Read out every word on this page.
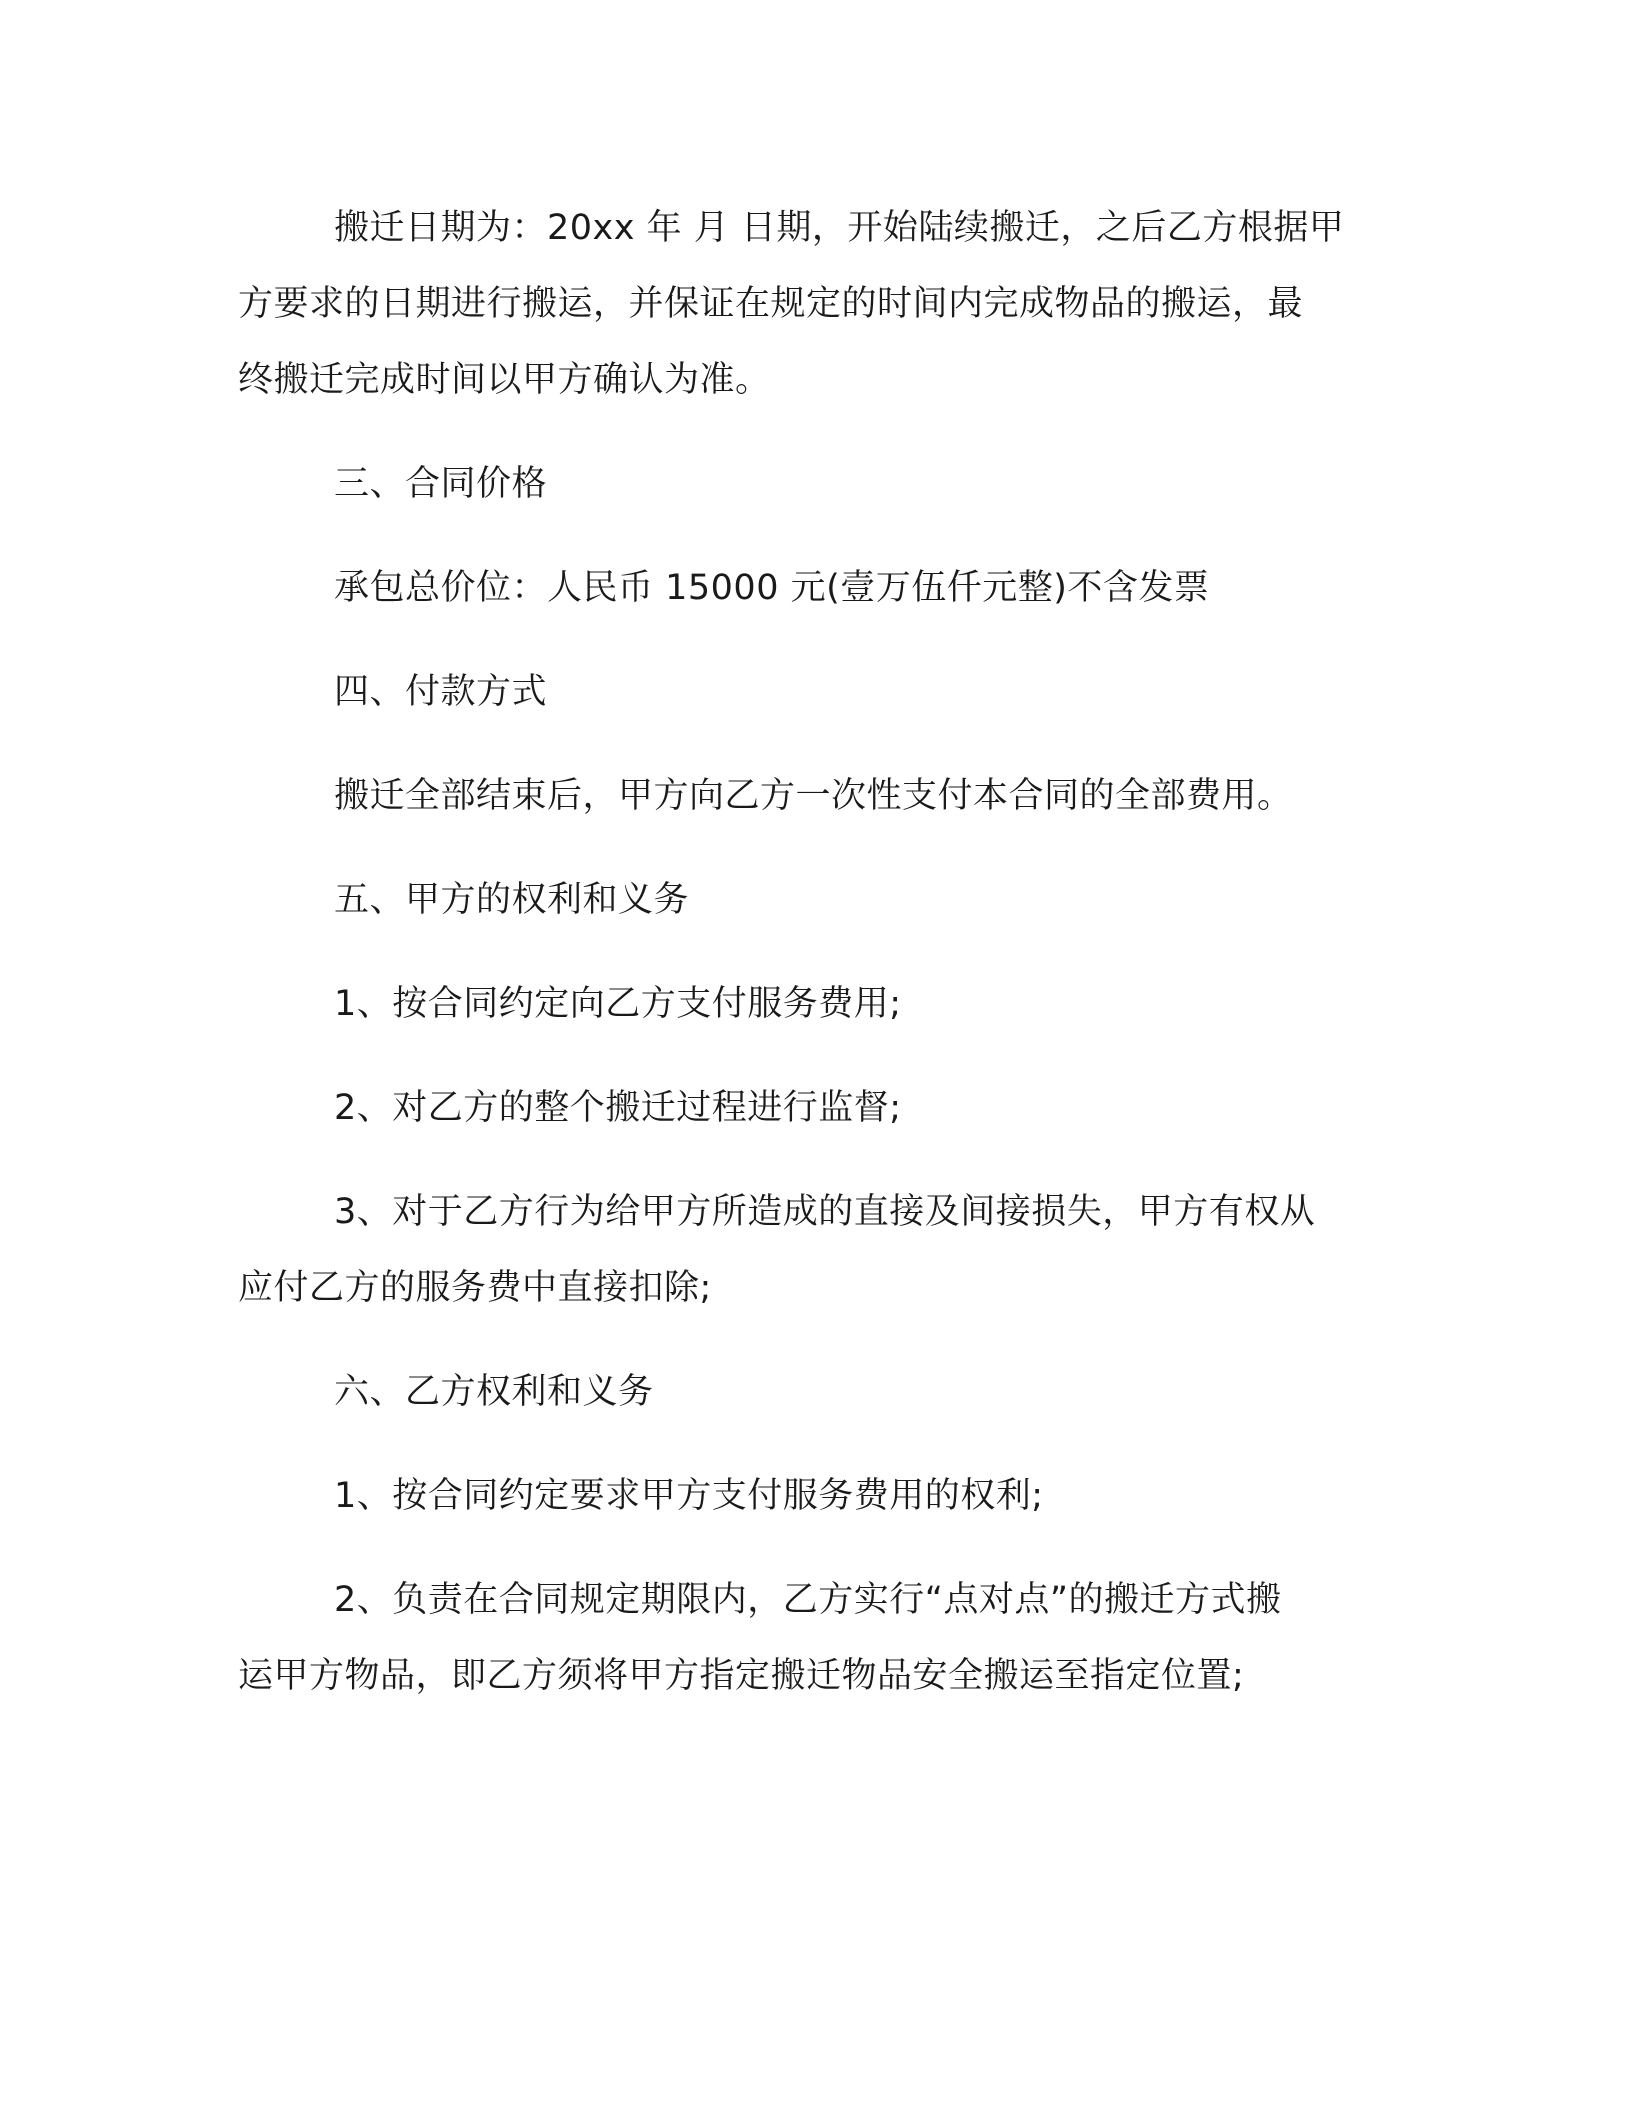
搬迁日期为：20xx 年 月 日期，开始陆续搬迁，之后乙方根据甲
方要求的日期进行搬运，并保证在规定的时间内完成物品的搬运，最
终搬迁完成时间以甲方确认为准。

三、合同价格

承包总价位：人民币 15000 元(壹万伍仟元整)不含发票

四、付款方式

搬迁全部结束后，甲方向乙方一次性支付本合同的全部费用。

五、甲方的权利和义务

1、按合同约定向乙方支付服务费用;

2、对乙方的整个搬迁过程进行监督;

3、对于乙方行为给甲方所造成的直接及间接损失，甲方有权从
应付乙方的服务费中直接扣除;

六、乙方权利和义务

1、按合同约定要求甲方支付服务费用的权利;

2、负责在合同规定期限内，乙方实行“点对点”的搬迁方式搬
运甲方物品，即乙方须将甲方指定搬迁物品安全搬运至指定位置;
